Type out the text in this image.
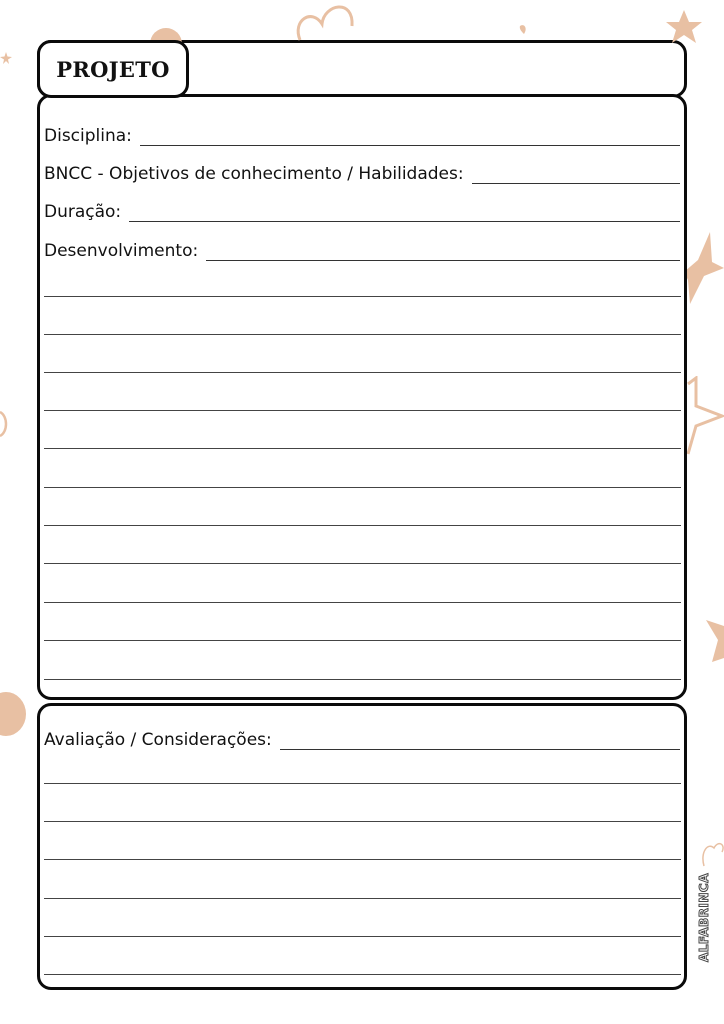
PROJETO
Disciplina:
BNCC - Objetivos de conhecimento / Habilidades:
Duração:
Desenvolvimento:
Avaliação / Considerações:
ALFABRINCA
